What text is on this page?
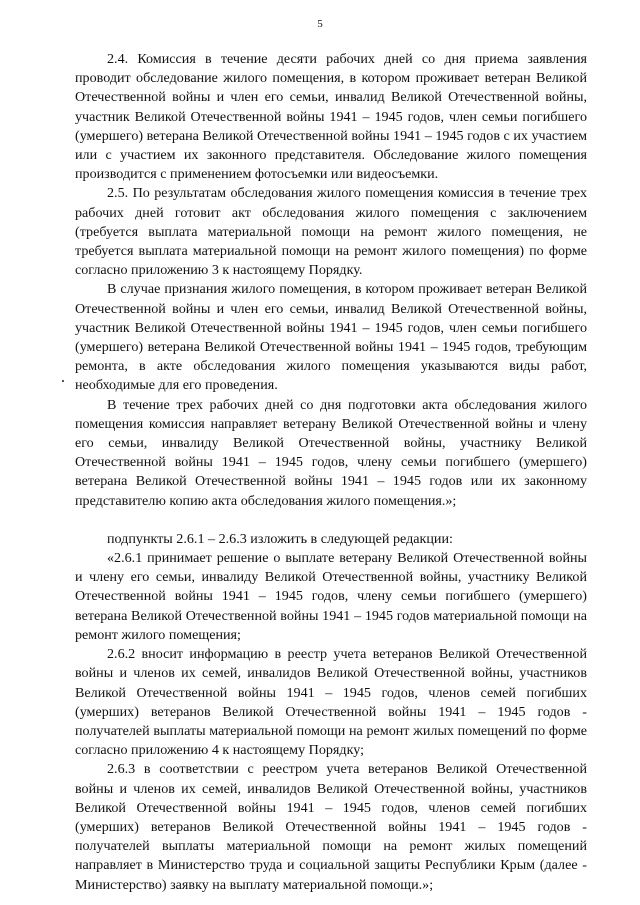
5

2.4. Комиссия в течение десяти рабочих дней со дня приема заявления проводит обследование жилого помещения, в котором проживает ветеран Великой Отечественной войны и член его семьи, инвалид Великой Отечественной войны, участник Великой Отечественной войны 1941 – 1945 годов, член семьи погибшего (умершего) ветерана Великой Отечественной войны 1941 – 1945 годов с их участием или с участием их законного представителя. Обследование жилого помещения производится с применением фотосъемки или видеосъемки.

2.5. По результатам обследования жилого помещения комиссия в течение трех рабочих дней готовит акт обследования жилого помещения с заключением (требуется выплата материальной помощи на ремонт жилого помещения, не требуется выплата материальной помощи на ремонт жилого помещения) по форме согласно приложению 3 к настоящему Порядку.

В случае признания жилого помещения, в котором проживает ветеран Великой Отечественной войны и член его семьи, инвалид Великой Отечественной войны, участник Великой Отечественной войны 1941 – 1945 годов, член семьи погибшего (умершего) ветерана Великой Отечественной войны 1941 – 1945 годов, требующим ремонта, в акте обследования жилого помещения указываются виды работ, необходимые для его проведения.

В течение трех рабочих дней со дня подготовки акта обследования жилого помещения комиссия направляет ветерану Великой Отечественной войны и члену его семьи, инвалиду Великой Отечественной войны, участнику Великой Отечественной войны 1941 – 1945 годов, члену семьи погибшего (умершего) ветерана Великой Отечественной войны 1941 – 1945 годов или их законному представителю копию акта обследования жилого помещения.»;

подпункты 2.6.1 – 2.6.3 изложить в следующей редакции:

«2.6.1 принимает решение о выплате ветерану Великой Отечественной войны и члену его семьи, инвалиду Великой Отечественной войны, участнику Великой Отечественной войны 1941 – 1945 годов, члену семьи погибшего (умершего) ветерана Великой Отечественной войны 1941 – 1945 годов материальной помощи на ремонт жилого помещения;

2.6.2 вносит информацию в реестр учета ветеранов Великой Отечественной войны и членов их семей, инвалидов Великой Отечественной войны, участников Великой Отечественной войны 1941 – 1945 годов, членов семей погибших (умерших) ветеранов Великой Отечественной войны 1941 – 1945 годов - получателей выплаты материальной помощи на ремонт жилых помещений по форме согласно приложению 4 к настоящему Порядку;

2.6.3 в соответствии с реестром учета ветеранов Великой Отечественной войны и членов их семей, инвалидов Великой Отечественной войны, участников Великой Отечественной войны 1941 – 1945 годов, членов семей погибших (умерших) ветеранов Великой Отечественной войны 1941 – 1945 годов - получателей выплаты материальной помощи на ремонт жилых помещений направляет в Министерство труда и социальной защиты Республики Крым (далее - Министерство) заявку на выплату материальной помощи.»;
